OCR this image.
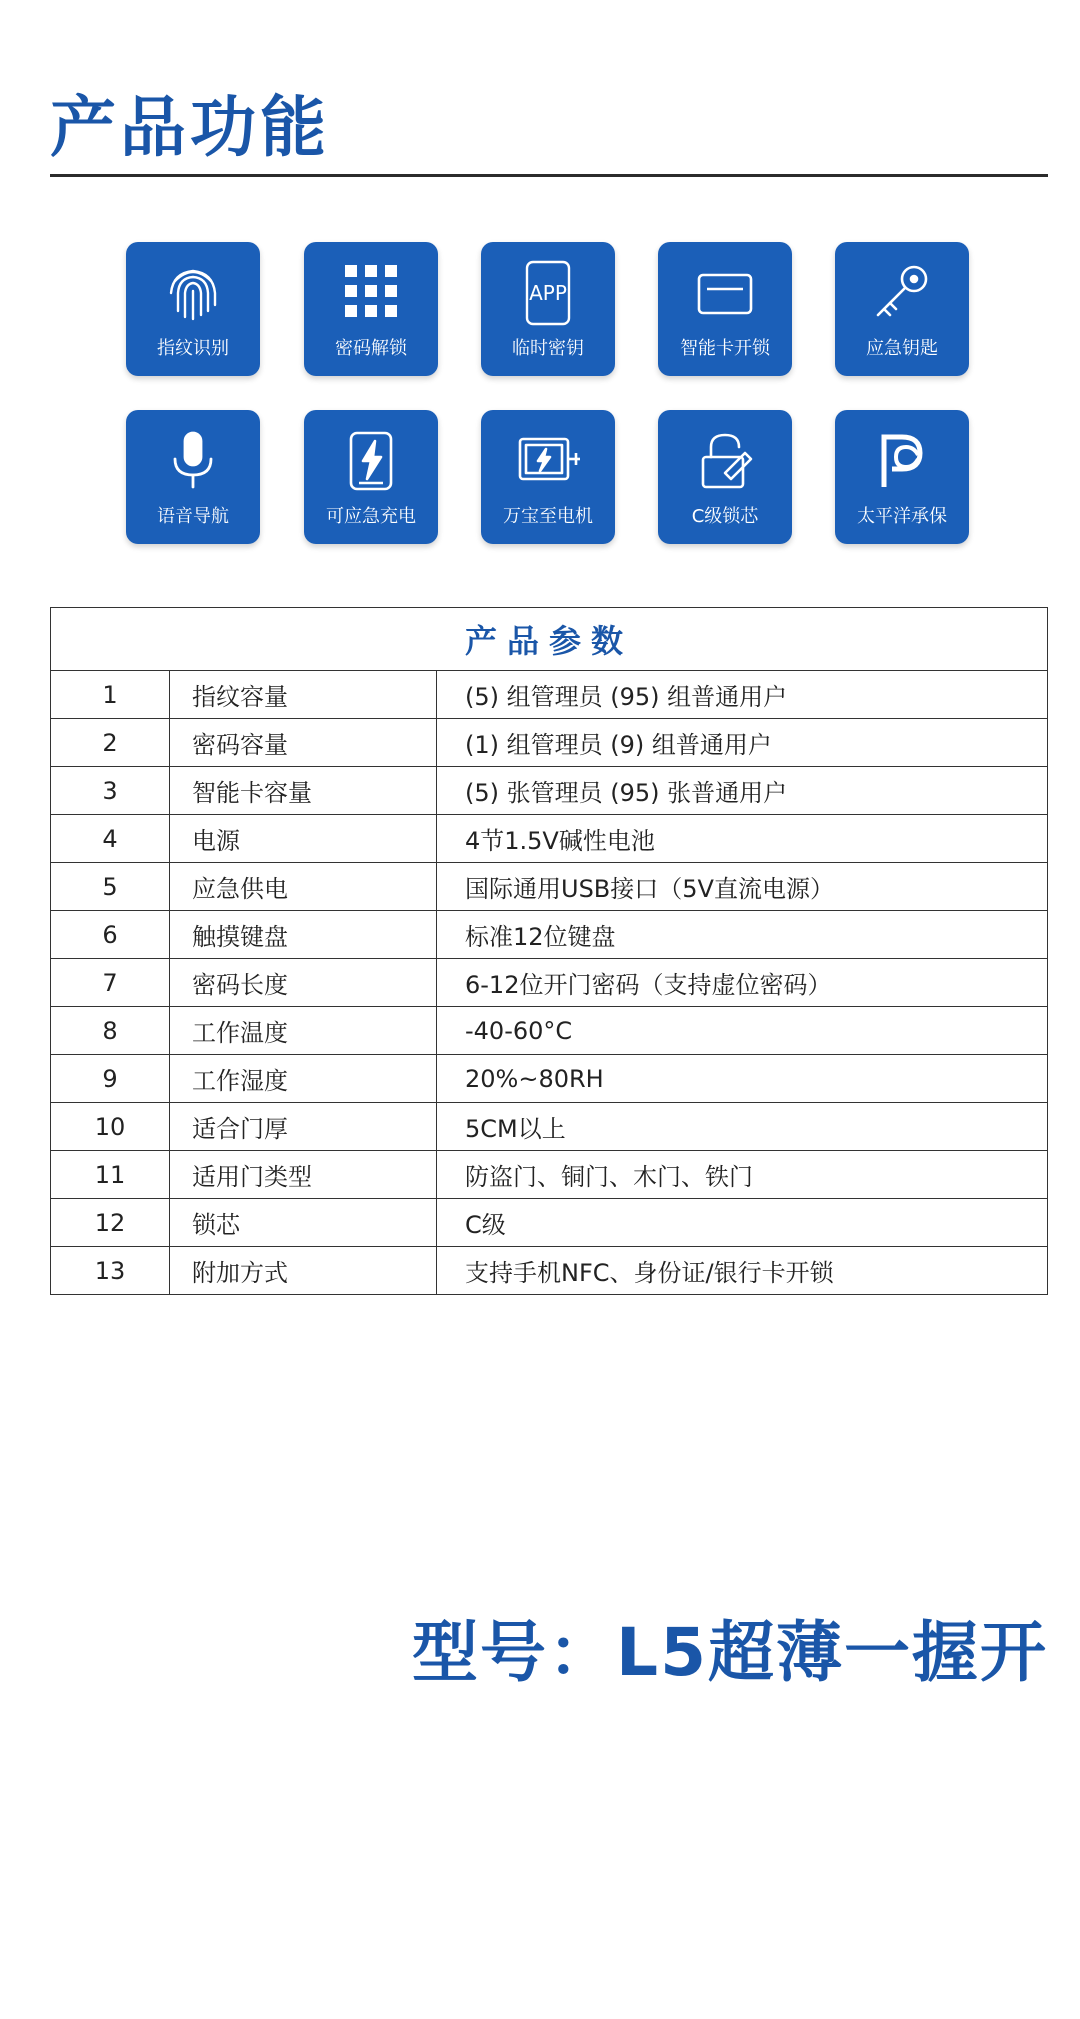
产品功能
指纹识别	密码解锁
APP
临时密钥	智能卡开锁	应急钥匙
语音导航	可应急充电	万宝至电机	C级锁芯	太平洋承保
产品参数		
1	指纹容量	(5) 组管理员 (95) 组普通用户
2	密码容量	(1) 组管理员 (9) 组普通用户
3	智能卡容量	(5) 张管理员 (95) 张普通用户
4	电源	4节1.5V碱性电池
5	应急供电	国际通用USB接口（5V直流电源）
6	触摸键盘	标准12位键盘
7	密码长度	6-12位开门密码（支持虚位密码）
8	工作温度	-40-60°C
9	工作湿度	20%~80RH
10	适合门厚	5CM以上
11	适用门类型	防盗门、铜门、木门、铁门
12	锁芯	C级
13	附加方式	支持手机NFC、身份证/银行卡开锁
型号：L5超薄一握开
